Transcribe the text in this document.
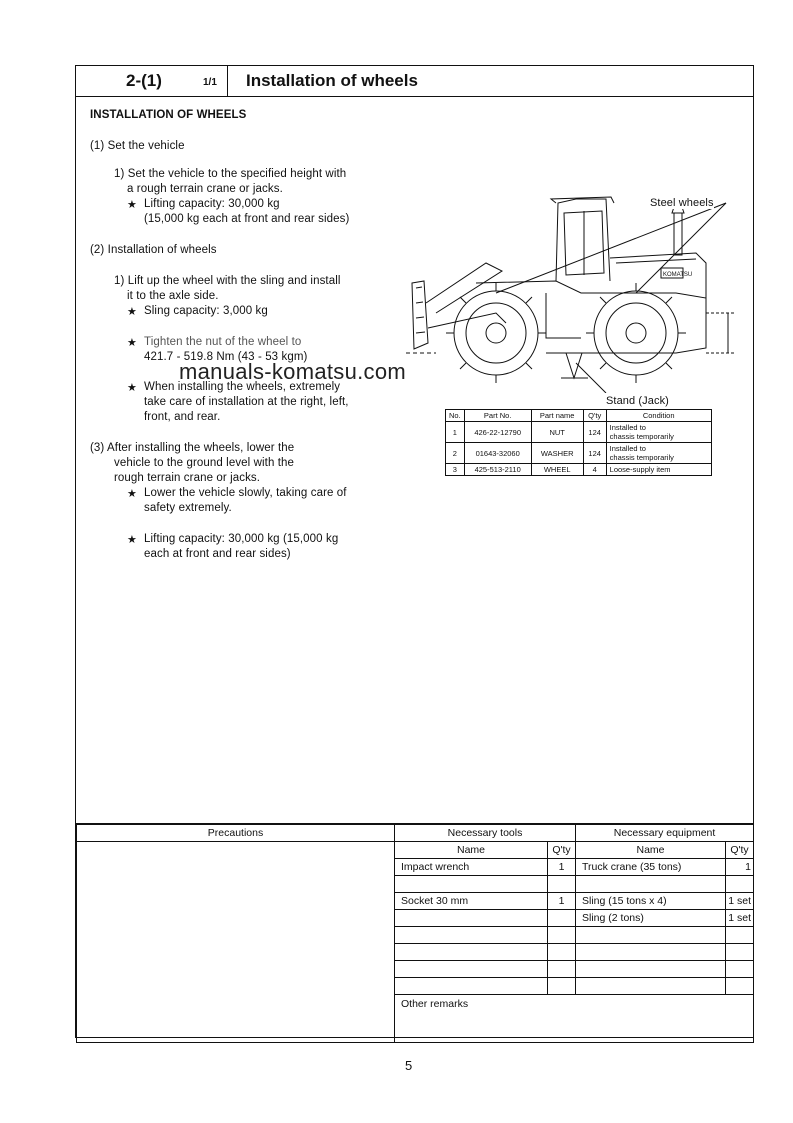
2-(1)	1/1 Installation of wheels
INSTALLATION OF WHEELS
(1) Set the vehicle
1) Set the vehicle to the specified height with
a rough terrain crane or jacks.
★ Lifting capacity: 30,000 kg
(15,000 kg each at front and rear sides)
(2) Installation of wheels
1) Lift up the wheel with the sling and install
it to the axle side.
★ Sling capacity: 3,000 kg
★ Tighten the nut of the wheel to
421.7 - 519.8 Nm (43 - 53 kgm)
★ When installing the wheels, extremely
take care of installation at the right, left,
front, and rear.
(3) After installing the wheels, lower the
vehicle to the ground level with the
rough terrain crane or jacks.
★ Lower the vehicle slowly, taking care of
safety extremely.
★ Lifting capacity: 30,000 kg (15,000 kg
each at front and rear sides)
KOMATSU
Steel wheels
Stand (Jack)
manuals-komatsu.com
No.	Part No.	Part name	Q'ty	Condition
1	426-22-12790	NUT	124	Installed to
chassis temporarily
2	01643-32060	WASHER	124	Installed to
chassis temporarily
3	425-513-2110	WHEEL	4	Loose-supply item
Precautions	Necessary tools		Necessary equipment	
	Name	Q'ty	Name	Q'ty
	Impact wrench	1	Truck crane (35 tons)	1

	Socket 30 mm	1	Sling (15 tons x 4)	1 set
			Sling (2 tons)	1 set

	Other remarks			
5
